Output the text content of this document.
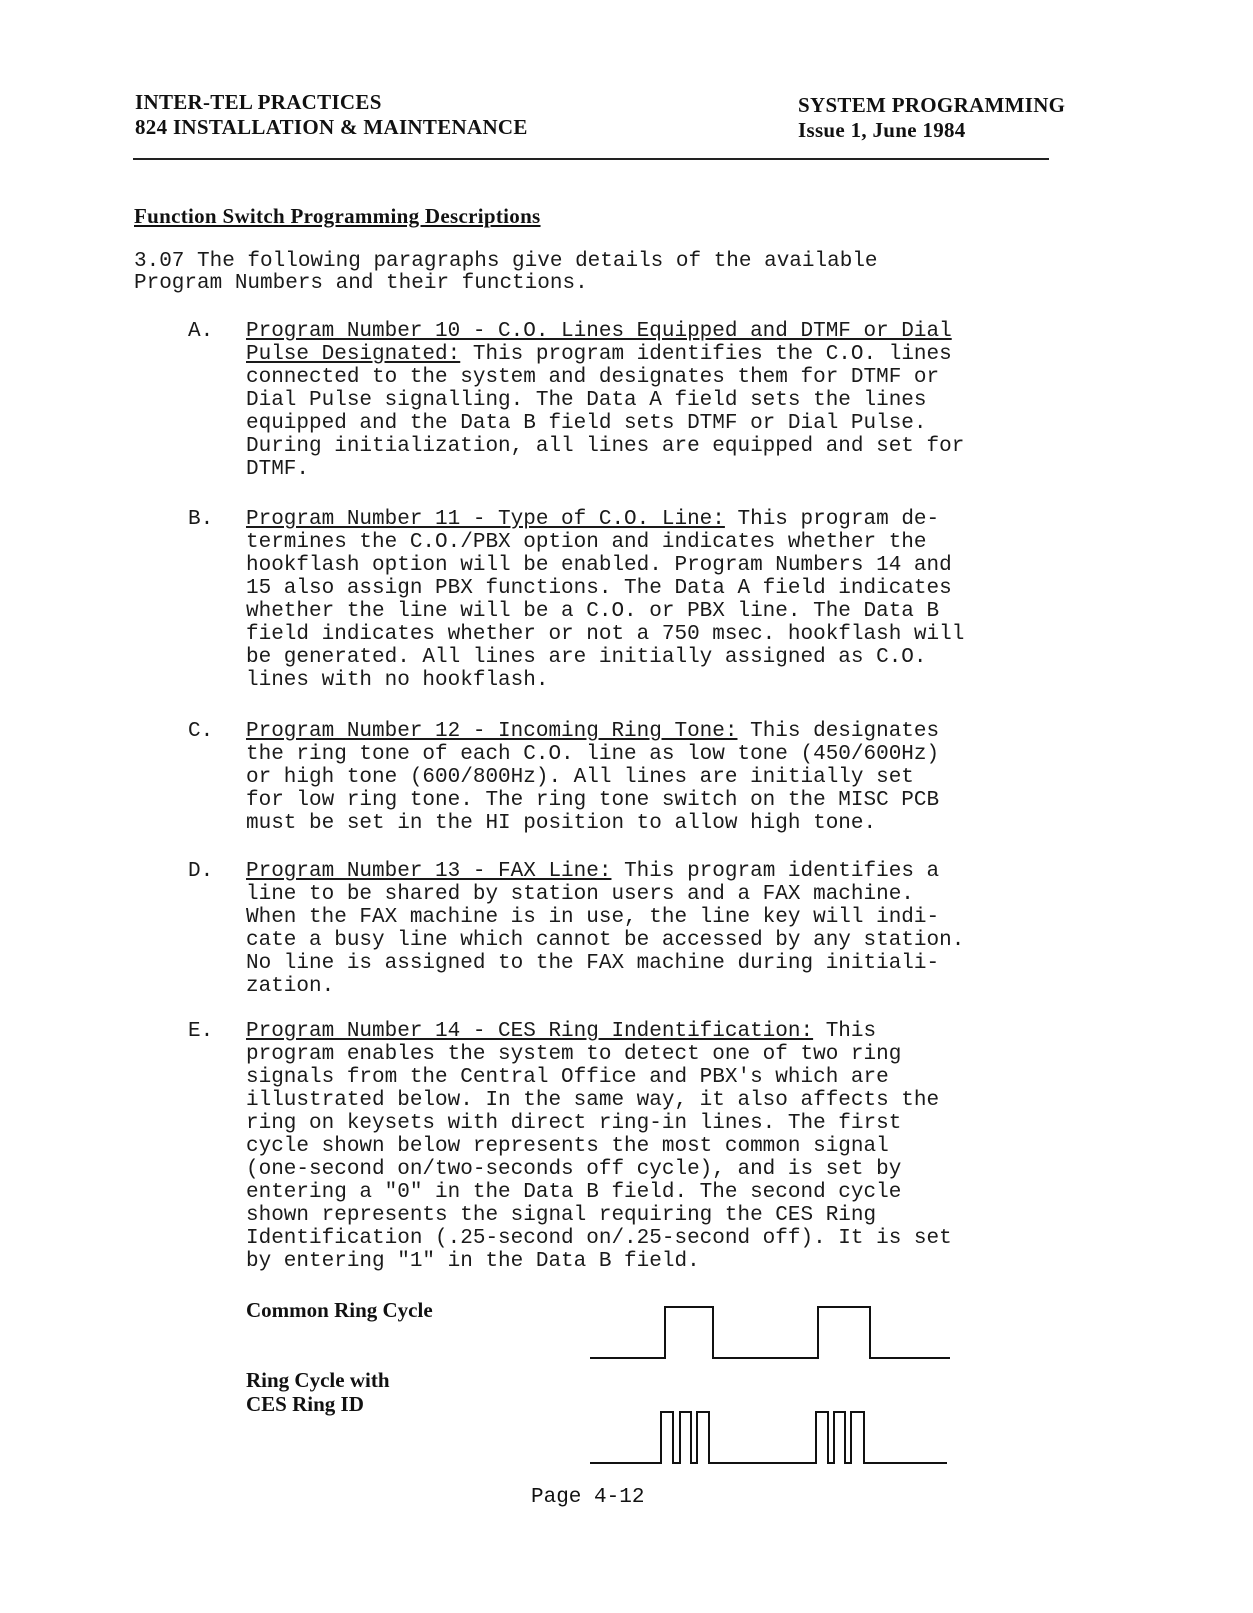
INTER-TEL PRACTICES
824 INSTALLATION & MAINTENANCE
SYSTEM PROGRAMMING
Issue 1, June 1984
Function Switch Programming Descriptions
3.07 The following paragraphs give details of the available
Program Numbers and their functions.
A. Program Number 10 - C.O. Lines Equipped and DTMF or Dial
Pulse Designated: This program identifies the C.O. lines
connected to the system and designates them for DTMF or
Dial Pulse signalling. The Data A field sets the lines
equipped and the Data B field sets DTMF or Dial Pulse.
During initialization, all lines are equipped and set for
DTMF.
B. Program Number 11 - Type of C.O. Line: This program de-
termines the C.O./PBX option and indicates whether the
hookflash option will be enabled. Program Numbers 14 and
15 also assign PBX functions. The Data A field indicates
whether the line will be a C.O. or PBX line. The Data B
field indicates whether or not a 750 msec. hookflash will
be generated. All lines are initially assigned as C.O.
lines with no hookflash.
C. Program Number 12 - Incoming Ring Tone: This designates
the ring tone of each C.O. line as low tone (450/600Hz)
or high tone (600/800Hz). All lines are initially set
for low ring tone. The ring tone switch on the MISC PCB
must be set in the HI position to allow high tone.
D. Program Number 13 - FAX Line: This program identifies a
line to be shared by station users and a FAX machine.
When the FAX machine is in use, the line key will indi-
cate a busy line which cannot be accessed by any station.
No line is assigned to the FAX machine during initiali-
zation.
E. Program Number 14 - CES Ring Indentification: This
program enables the system to detect one of two ring
signals from the Central Office and PBX's which are
illustrated below. In the same way, it also affects the
ring on keysets with direct ring-in lines. The first
cycle shown below represents the most common signal
(one-second on/two-seconds off cycle), and is set by
entering a "0" in the Data B field. The second cycle
shown represents the signal requiring the CES Ring
Identification (.25-second on/.25-second off). It is set
by entering "1" in the Data B field.
Common Ring Cycle
Ring Cycle with
CES Ring ID
Page 4-12
